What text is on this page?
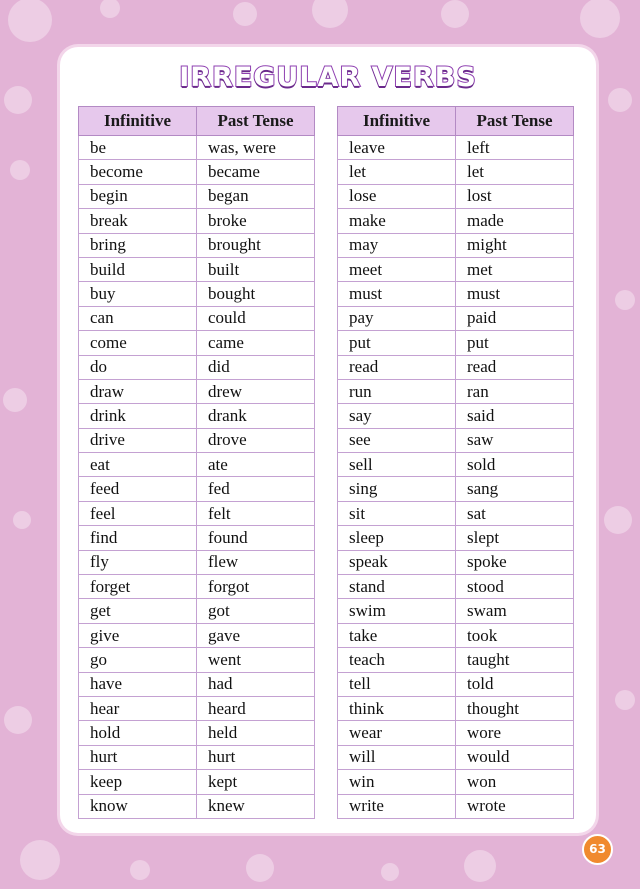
IRREGULAR VERBS
Infinitive	Past Tense
be	was, were
become	became
begin	began
break	broke
bring	brought
build	built
buy	bought
can	could
come	came
do	did
draw	drew
drink	drank
drive	drove
eat	ate
feed	fed
feel	felt
find	found
fly	flew
forget	forgot
get	got
give	gave
go	went
have	had
hear	heard
hold	held
hurt	hurt
keep	kept
know	knew
Infinitive	Past Tense
leave	left
let	let
lose	lost
make	made
may	might
meet	met
must	must
pay	paid
put	put
read	read
run	ran
say	said
see	saw
sell	sold
sing	sang
sit	sat
sleep	slept
speak	spoke
stand	stood
swim	swam
take	took
teach	taught
tell	told
think	thought
wear	wore
will	would
win	won
write	wrote
63
